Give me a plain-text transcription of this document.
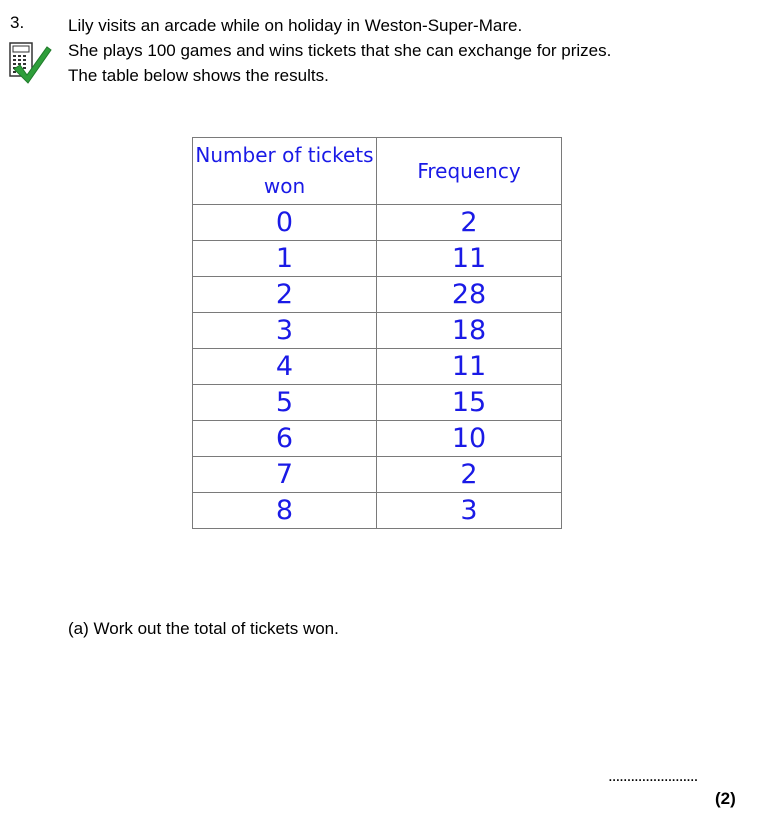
3.	Lily visits an arcade while on holiday in Weston-Super-Mare.
She plays 100 games and wins tickets that she can exchange for prizes.
The table below shows the results.
Number of tickets won	Frequency
0	2
1	11
2	28
3	18
4	11
5	15
6	10
7	2
8	3
(a) Work out the total of tickets won.
........................
(2)
